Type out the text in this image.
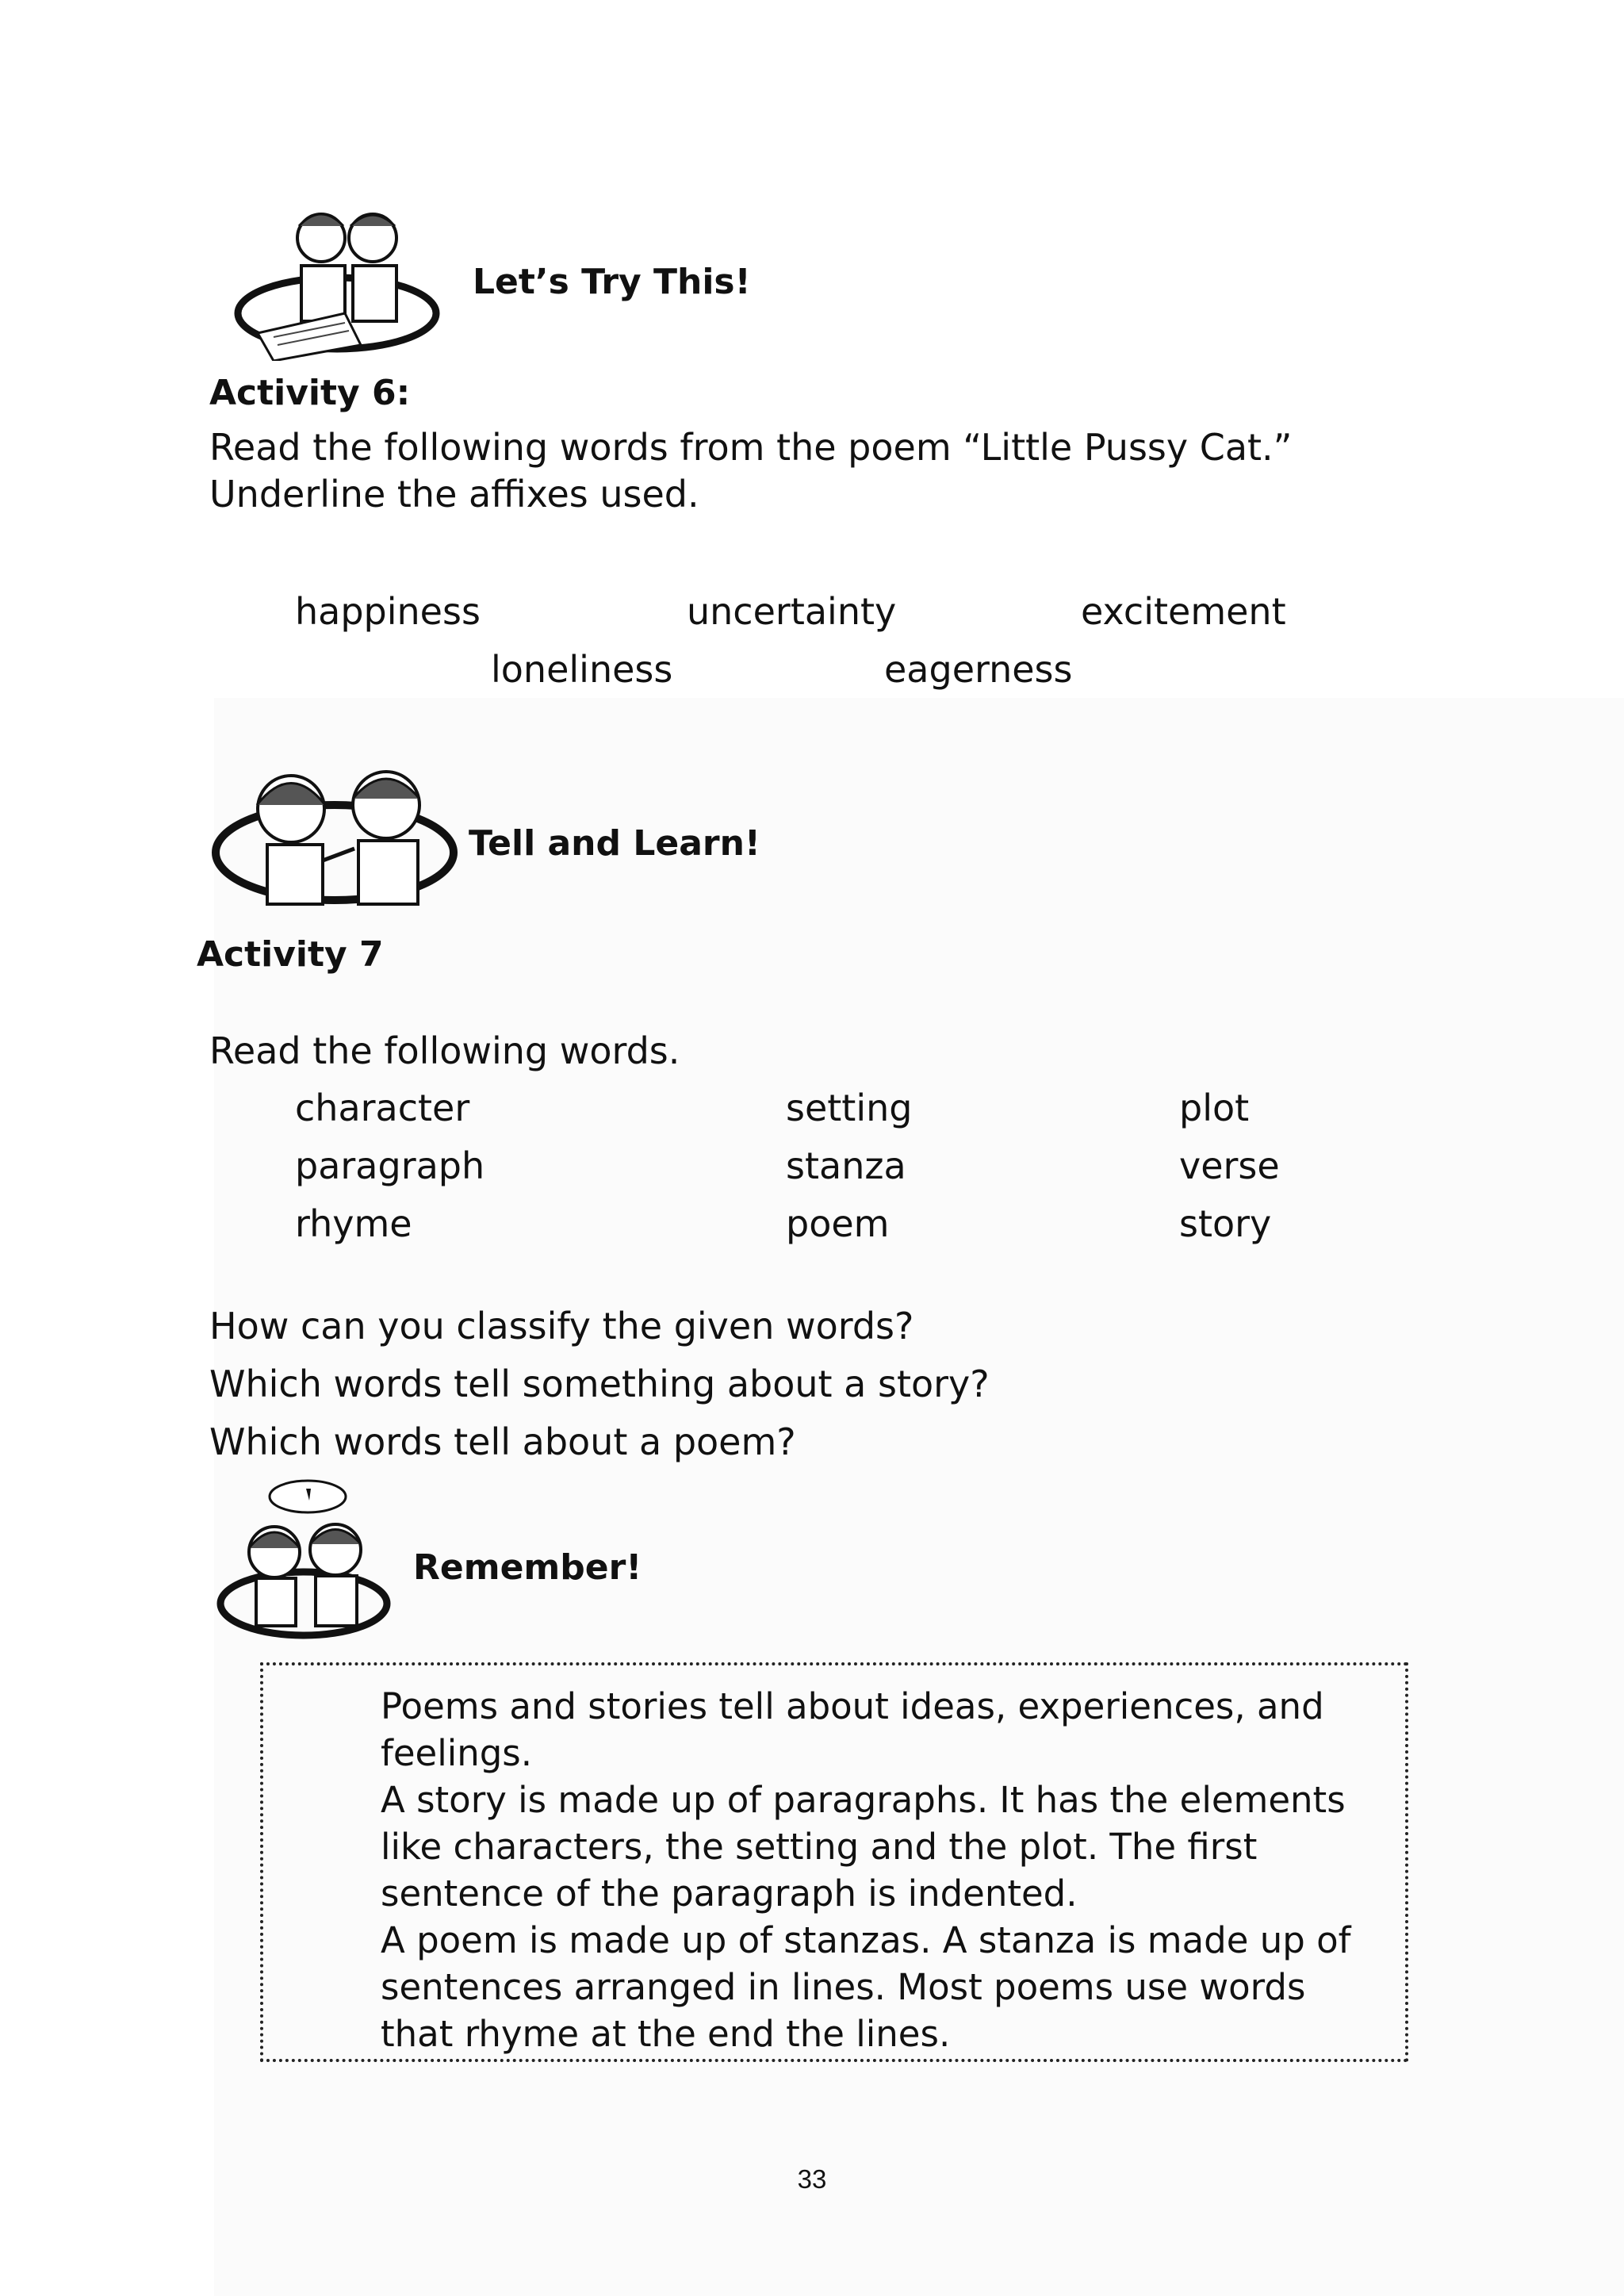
Let’s Try This!
Activity 6:
Read the following words from the poem “Little Pussy Cat.”
Underline the affixes used.
happiness	uncertainty	excitement
loneliness	eagerness
Tell and Learn!
Activity 7
Read the following words.
character	setting	plot
paragraph	stanza	verse
rhyme	poem	story
How can you classify the given words?
Which words tell something about a story?
Which words tell about a poem?
Remember!

Poems and stories tell about ideas, experiences, and feelings.

A story is made up of paragraphs. It has the elements like characters, the setting and the plot. The first sentence of the paragraph is indented.

A poem is made up of stanzas. A stanza is made up of sentences arranged in lines. Most poems use words that rhyme at the end the lines.

33
